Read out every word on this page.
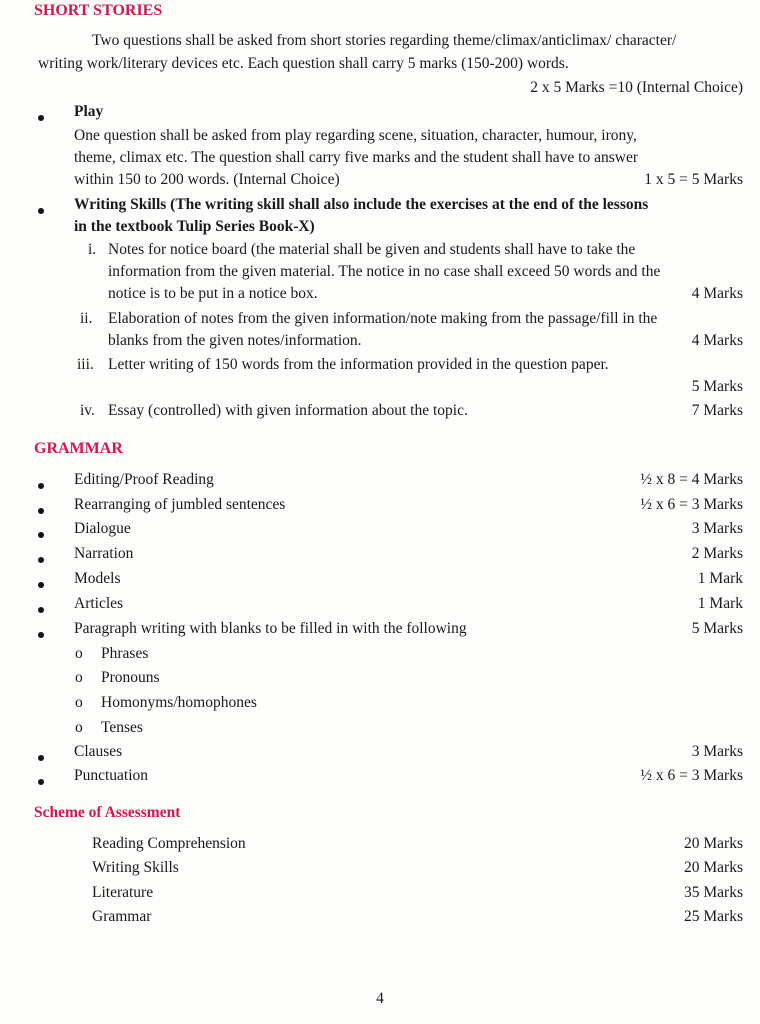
SHORT STORIES
Two questions shall be asked from short stories regarding theme/climax/anticlimax/ character/
writing work/literary devices etc. Each question shall carry 5 marks (150-200) words.
2 x 5 Marks =10 (Internal Choice)
Play
One question shall be asked from play regarding scene, situation, character, humour, irony,
theme, climax etc. The question shall carry five marks and the student shall have to answer
within 150 to 200 words. (Internal Choice)	1 x 5 = 5 Marks
Writing Skills (The writing skill shall also include the exercises at the end of the lessons
in the textbook Tulip Series Book-X)
i. Notes for notice board (the material shall be given and students shall have to take the
information from the given material. The notice in no case shall exceed 50 words and the
notice is to be put in a notice box.	4 Marks
ii. Elaboration of notes from the given information/note making from the passage/fill in the
blanks from the given notes/information.	4 Marks
iii. Letter writing of 150 words from the information provided in the question paper.
5 Marks
iv. Essay (controlled) with given information about the topic.	7 Marks
GRAMMAR
Editing/Proof Reading	½ x 8 = 4 Marks
Rearranging of jumbled sentences	½ x 6 = 3 Marks
Dialogue	3 Marks
Narration	2 Marks
Models	1 Mark
Articles	1 Mark
Paragraph writing with blanks to be filled in with the following	5 Marks
o Phrases
o Pronouns
o Homonyms/homophones
o Tenses
Clauses	3 Marks
Punctuation	½ x 6 = 3 Marks
Scheme of Assessment
Reading Comprehension	20 Marks
Writing Skills	20 Marks
Literature	35 Marks
Grammar	25 Marks
4
